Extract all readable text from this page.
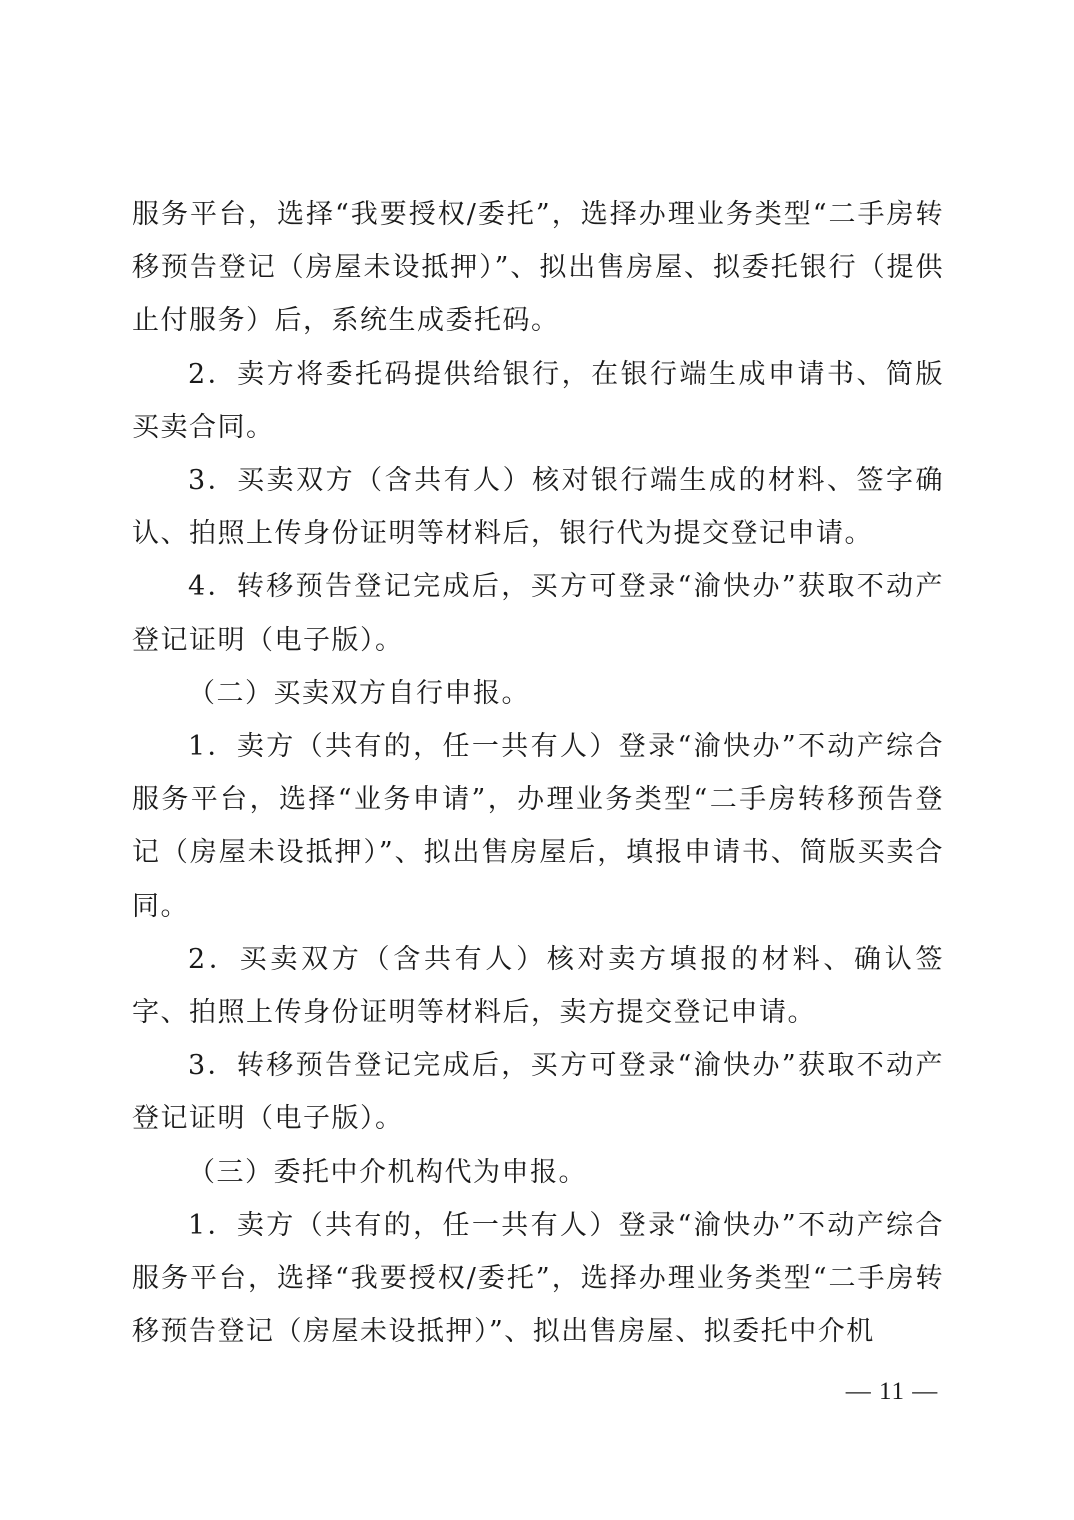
服务平台，选择“我要授权/委托”，选择办理业务类型“二手房转移预告登记（房屋未设抵押）”、拟出售房屋、拟委托银行（提供止付服务）后，系统生成委托码。

2．卖方将委托码提供给银行，在银行端生成申请书、简版买卖合同。

3．买卖双方（含共有人）核对银行端生成的材料、签字确认、拍照上传身份证明等材料后，银行代为提交登记申请。

4．转移预告登记完成后，买方可登录“渝快办”获取不动产登记证明（电子版）。

（二）买卖双方自行申报。

1．卖方（共有的，任一共有人）登录“渝快办”不动产综合服务平台，选择“业务申请”，办理业务类型“二手房转移预告登记（房屋未设抵押）”、拟出售房屋后，填报申请书、简版买卖合同。

2．买卖双方（含共有人）核对卖方填报的材料、确认签字、拍照上传身份证明等材料后，卖方提交登记申请。

3．转移预告登记完成后，买方可登录“渝快办”获取不动产登记证明（电子版）。

（三）委托中介机构代为申报。

1．卖方（共有的，任一共有人）登录“渝快办”不动产综合服务平台，选择“我要授权/委托”，选择办理业务类型“二手房转移预告登记（房屋未设抵押）”、拟出售房屋、拟委托中介机

— 11 —
